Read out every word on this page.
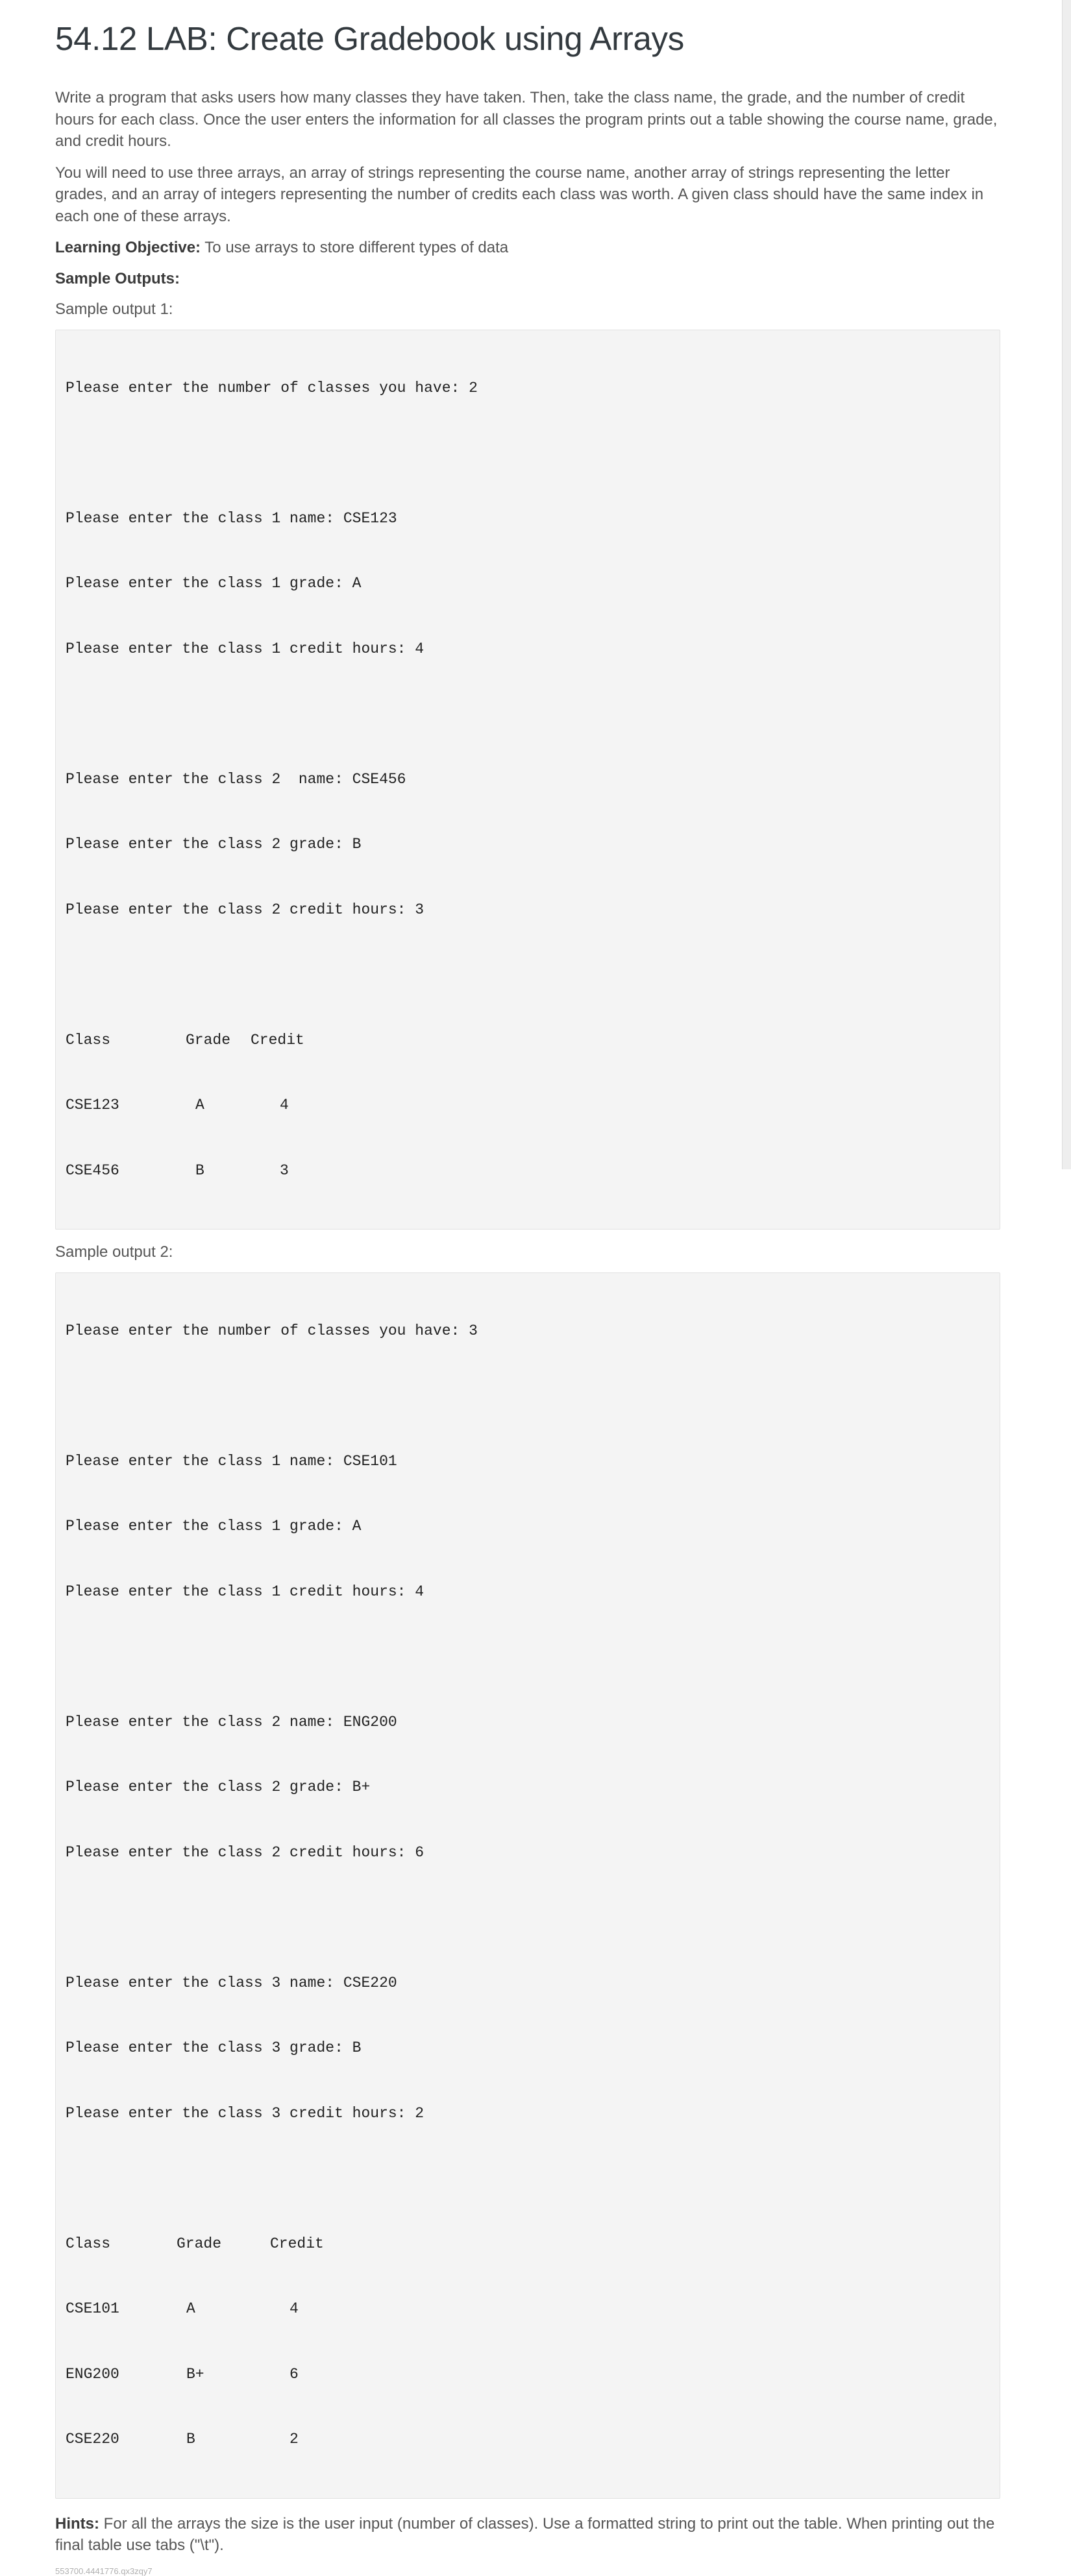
54.12 LAB: Create Gradebook using Arrays

Write a program that asks users how many classes they have taken. Then, take the class name, the grade, and the number of credit hours for each class. Once the user enters the information for all classes the program prints out a table showing the course name, grade, and credit hours.

You will need to use three arrays, an array of strings representing the course name, another array of strings representing the letter grades, and an array of integers representing the number of credits each class was worth. A given class should have the same index in each one of these arrays.

Learning Objective: To use arrays to store different types of data

Sample Outputs:

Sample output 1:

Please enter the number of classes you have: 2

Please enter the class 1 name: CSE123

Please enter the class 1 grade: A

Please enter the class 1 credit hours: 4

Please enter the class 2  name: CSE456

Please enter the class 2 grade: B

Please enter the class 2 credit hours: 3

Class	Grade	Credit

CSE123	A	4

CSE456	B	3

Sample output 2:

Please enter the number of classes you have: 3

Please enter the class 1 name: CSE101

Please enter the class 1 grade: A

Please enter the class 1 credit hours: 4

Please enter the class 2 name: ENG200

Please enter the class 2 grade: B+

Please enter the class 2 credit hours: 6

Please enter the class 3 name: CSE220

Please enter the class 3 grade: B

Please enter the class 3 credit hours: 2

Class	Grade	Credit

CSE101	A	4

ENG200	B+	6

CSE220	B	2

Hints: For all the arrays the size is the user input (number of classes). Use a formatted string to print out the table. When printing out the final table use tabs ("\t").

553700.4441776.qx3zqy7
